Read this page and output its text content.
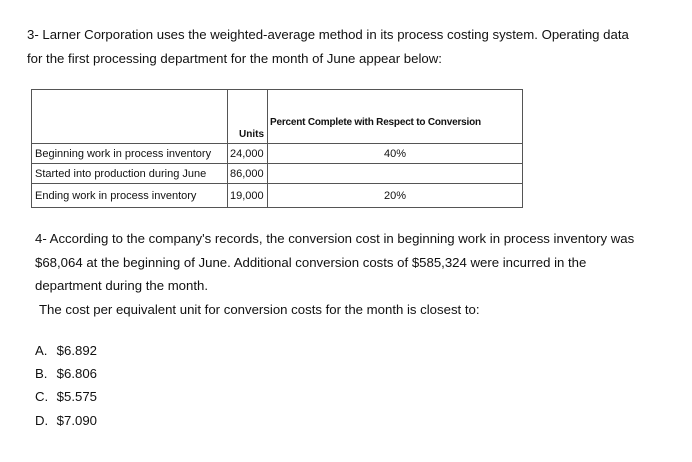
3- Larner Corporation uses the weighted-average method in its process costing system. Operating data

for the first processing department for the month of June appear below:

	Units	Percent Complete with Respect to Conversion
Beginning work in process inventory	24,000	40%
Started into production during June	86,000	
Ending work in process inventory	19,000	20%

4- According to the company's records, the conversion cost in beginning work in process inventory was

$68,064 at the beginning of June. Additional conversion costs of $585,324 were incurred in the

department during the month.

The cost per equivalent unit for conversion costs for the month is closest to:

A. $6.892
B. $6.806
C. $5.575
D. $7.090
